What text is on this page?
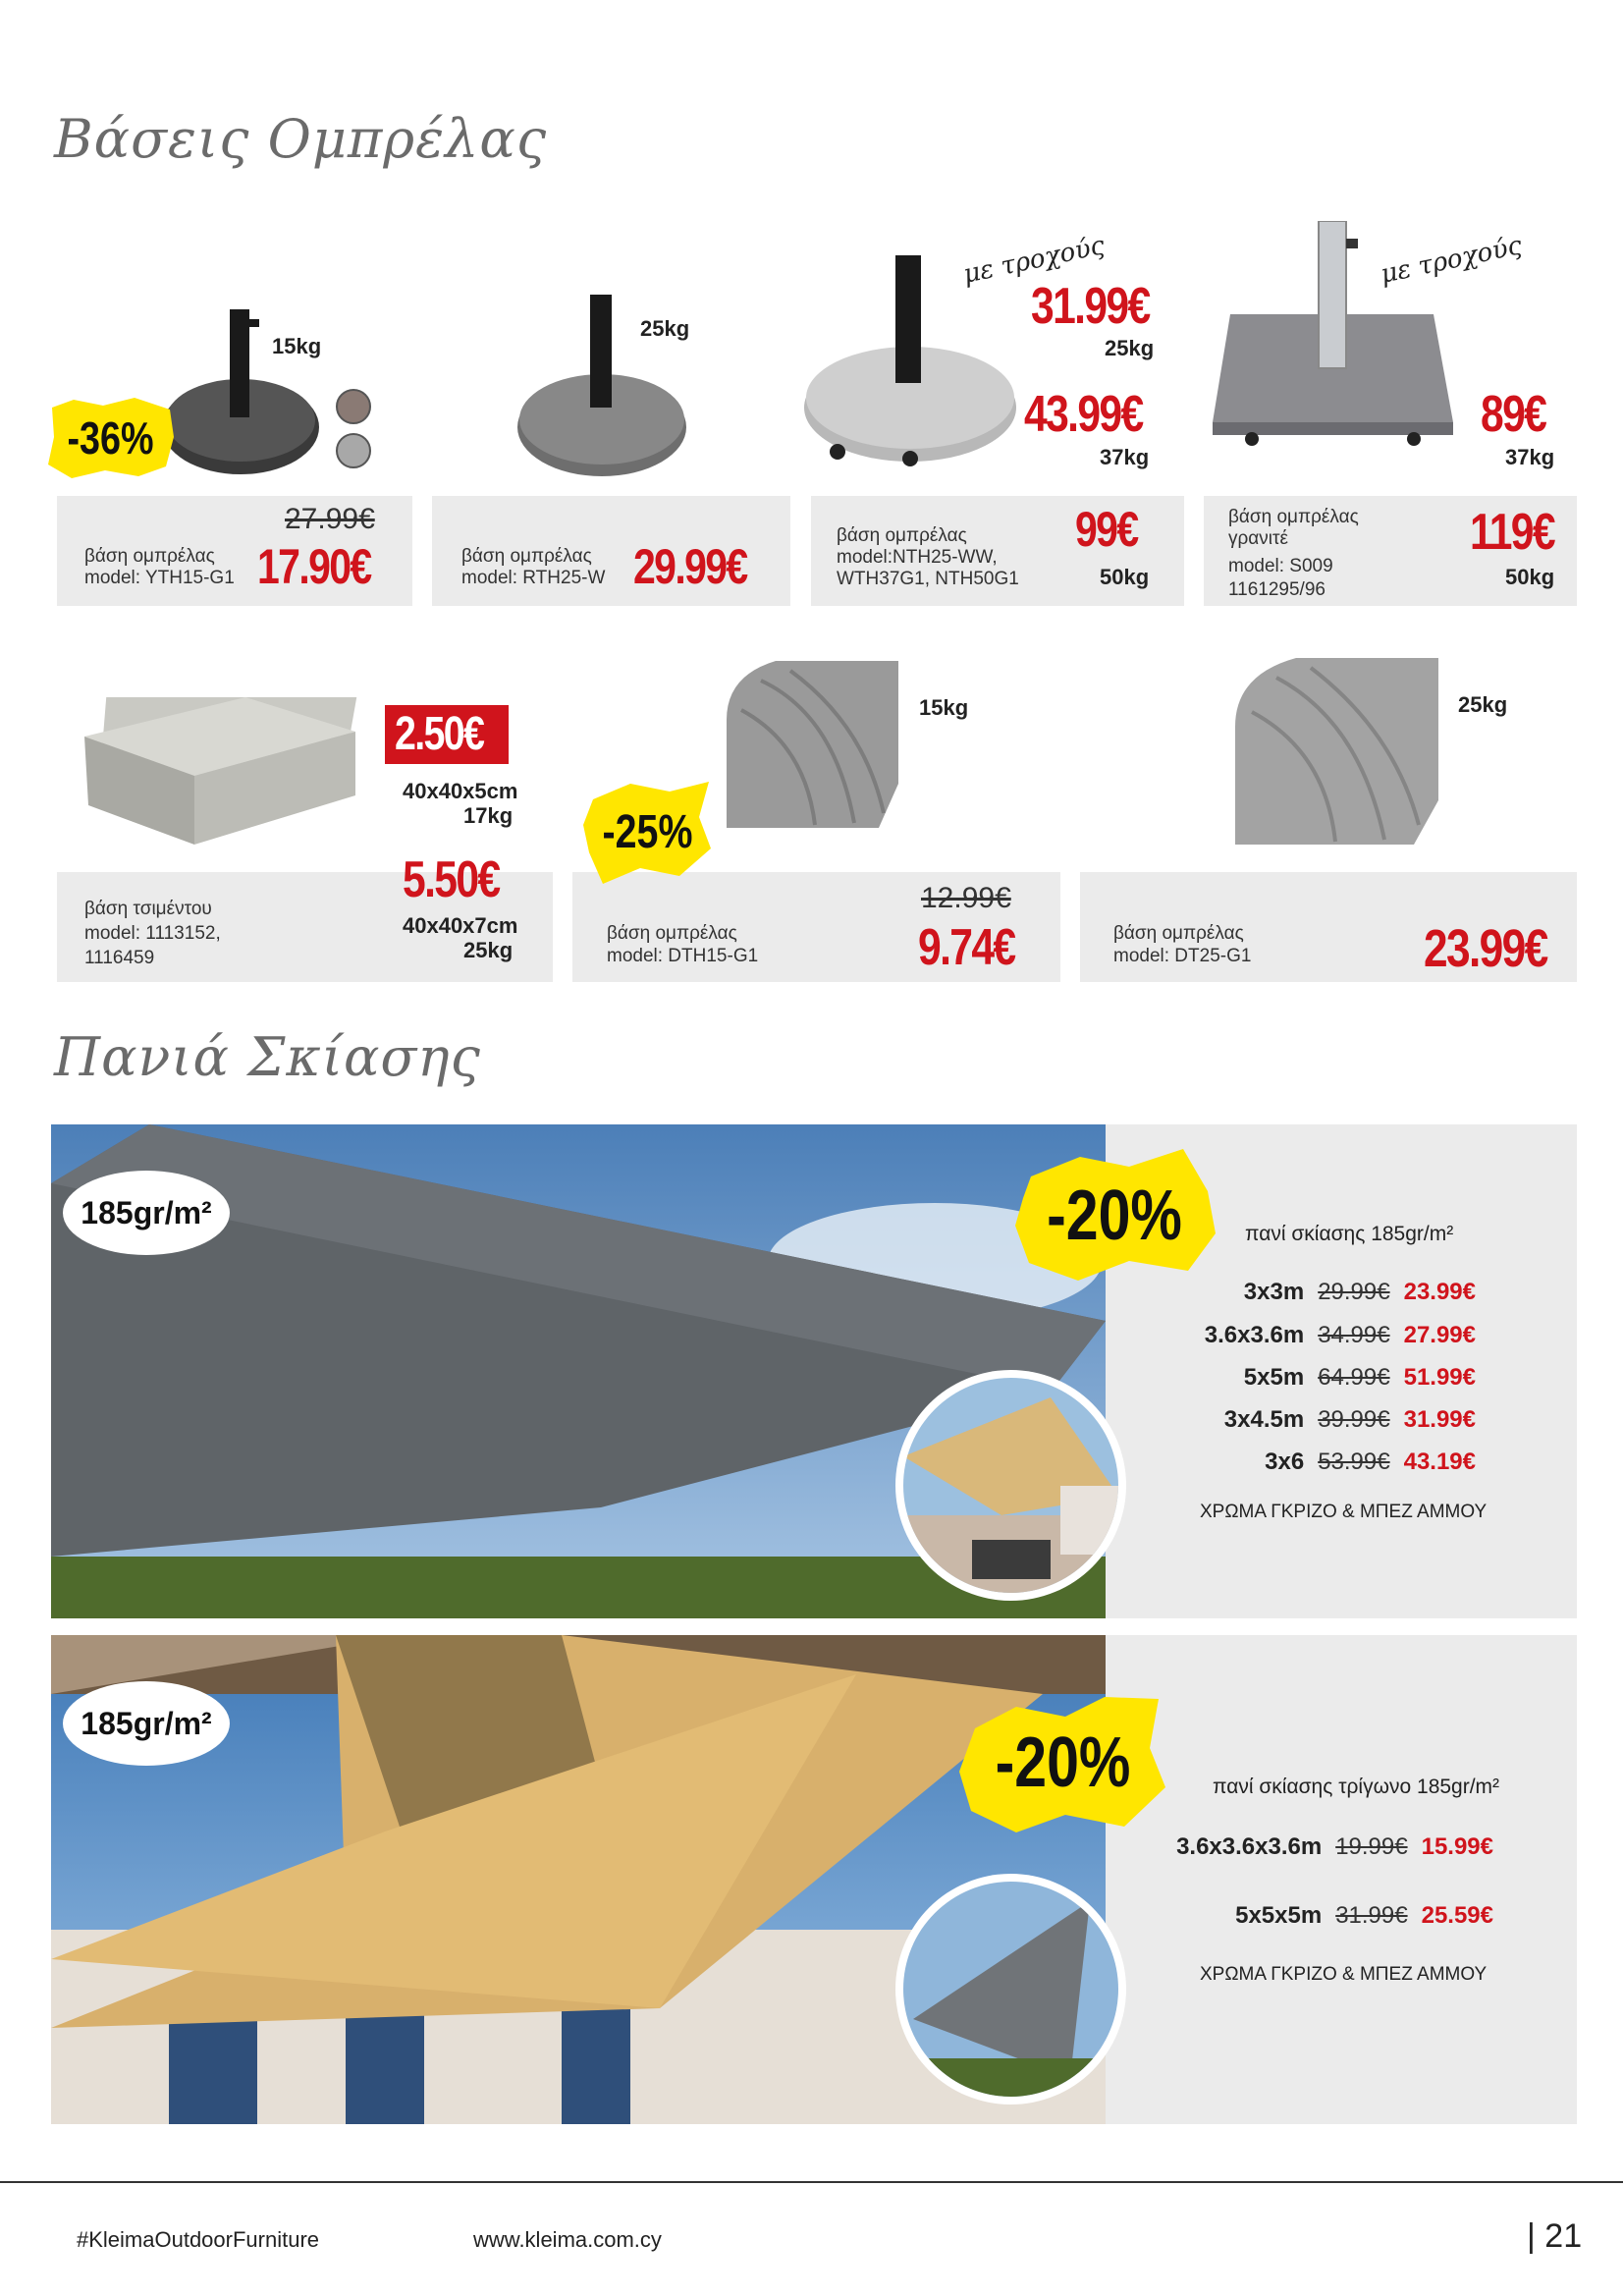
Βάσεις Ομπρέλας
15kg
-36%
27.99€
βάση ομπρέλας
model: YTH15-G1 17.90€
25kg
βάση ομπρέλας
model: RTH25-W 29.99€
με τροχούς
31.99€
25kg
43.99€
37kg
βάση ομπρέλας
model:NTH25-WW,
WTH37G1, NTH50G1
99€
50kg
με τροχούς
89€
37kg
βάση ομπρέλας
γρανιτέ
model: S009
1161295/96
119€
50kg
2.50€
40x40x5cm
17kg
5.50€
40x40x7cm
25kg
βάση τσιμέντου
model: 1113152,
1116459
15kg
-25%
12.99€
βάση ομπρέλας
model: DTH15-G1	9.74€
25kg
βάση ομπρέλας
model: DT25-G1	23.99€
Πανιά Σκίασης
185gr/m²	-20%	πανί σκίασης 185gr/m²
3x3m 29.99€ 23.99€
3.6x3.6m 34.99€ 27.99€
5x5m 64.99€ 51.99€
3x4.5m 39.99€ 31.99€
3x6 53.99€ 43.19€
ΧΡΩΜΑ ΓΚΡΙΖΟ & ΜΠΕΖ ΑΜΜΟΥ
185gr/m²
-20%	πανί σκίασης τρίγωνο 185gr/m²
3.6x3.6x3.6m 19.99€ 15.99€
5x5x5m 31.99€ 25.59€
ΧΡΩΜΑ ΓΚΡΙΖΟ & ΜΠΕΖ ΑΜΜΟΥ
#KleimaOutdoorFurniture	www.kleima.com.cy	| 21
